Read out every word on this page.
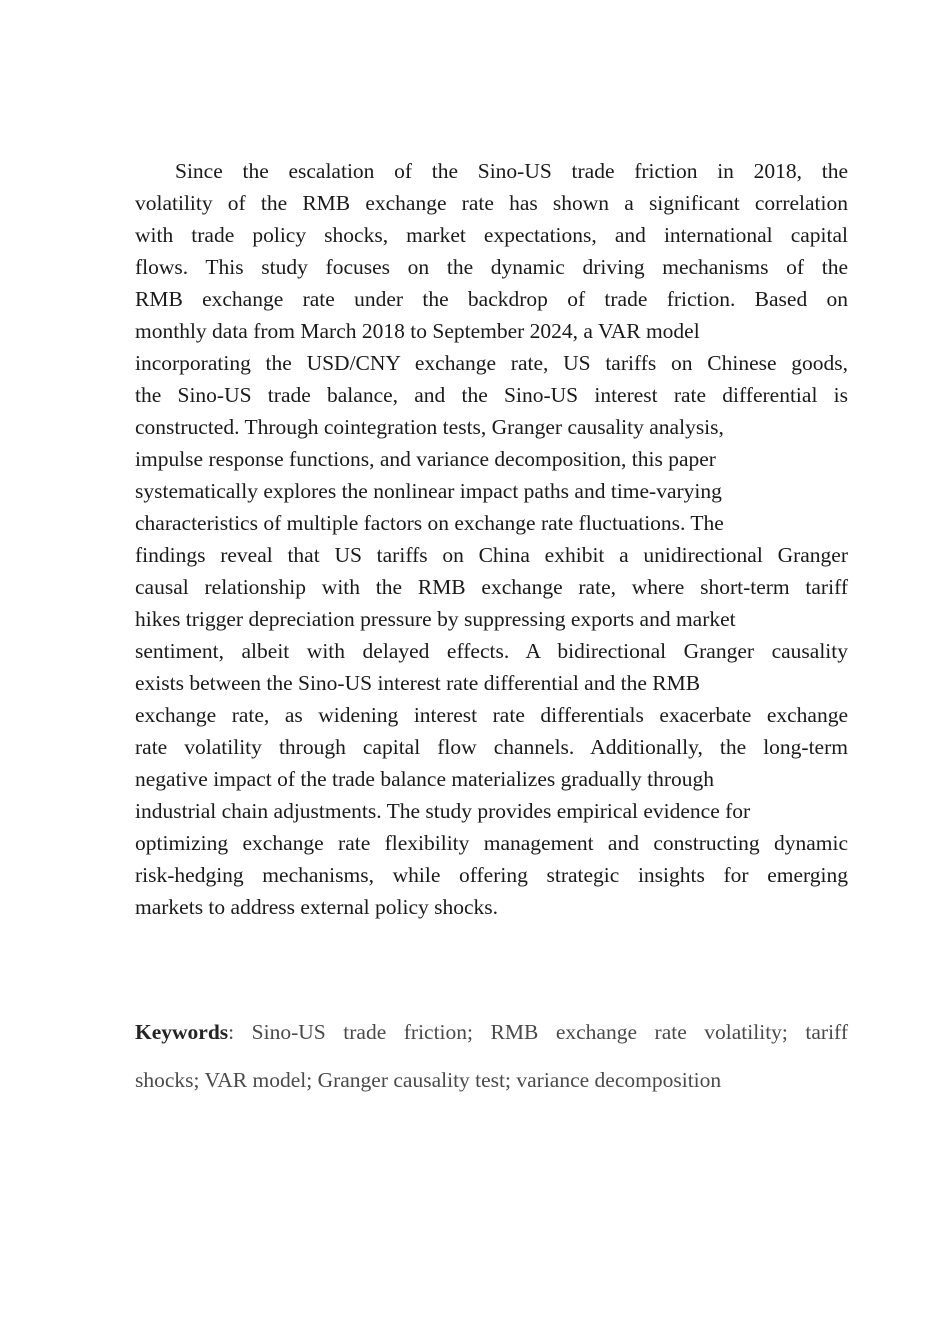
Since the escalation of the Sino-US trade friction in 2018, the
volatility of the RMB exchange rate has shown a significant correlation
with trade policy shocks, market expectations, and international capital
flows. This study focuses on the dynamic driving mechanisms of the
RMB exchange rate under the backdrop of trade friction. Based on
monthly data from March 2018 to September 2024, a VAR model
incorporating the USD/CNY exchange rate, US tariffs on Chinese goods,
the Sino-US trade balance, and the Sino-US interest rate differential is
constructed. Through cointegration tests, Granger causality analysis,
impulse response functions, and variance decomposition, this paper
systematically explores the nonlinear impact paths and time-varying
characteristics of multiple factors on exchange rate fluctuations. The
findings reveal that US tariffs on China exhibit a unidirectional Granger
causal relationship with the RMB exchange rate, where short-term tariff
hikes trigger depreciation pressure by suppressing exports and market
sentiment, albeit with delayed effects. A bidirectional Granger causality
exists between the Sino-US interest rate differential and the RMB
exchange rate, as widening interest rate differentials exacerbate exchange
rate volatility through capital flow channels. Additionally, the long-term
negative impact of the trade balance materializes gradually through
industrial chain adjustments. The study provides empirical evidence for
optimizing exchange rate flexibility management and constructing dynamic
risk-hedging mechanisms, while offering strategic insights for emerging
markets to address external policy shocks.
Keywords: Sino-US trade friction; RMB exchange rate volatility; tariff
shocks; VAR model; Granger causality test; variance decomposition
